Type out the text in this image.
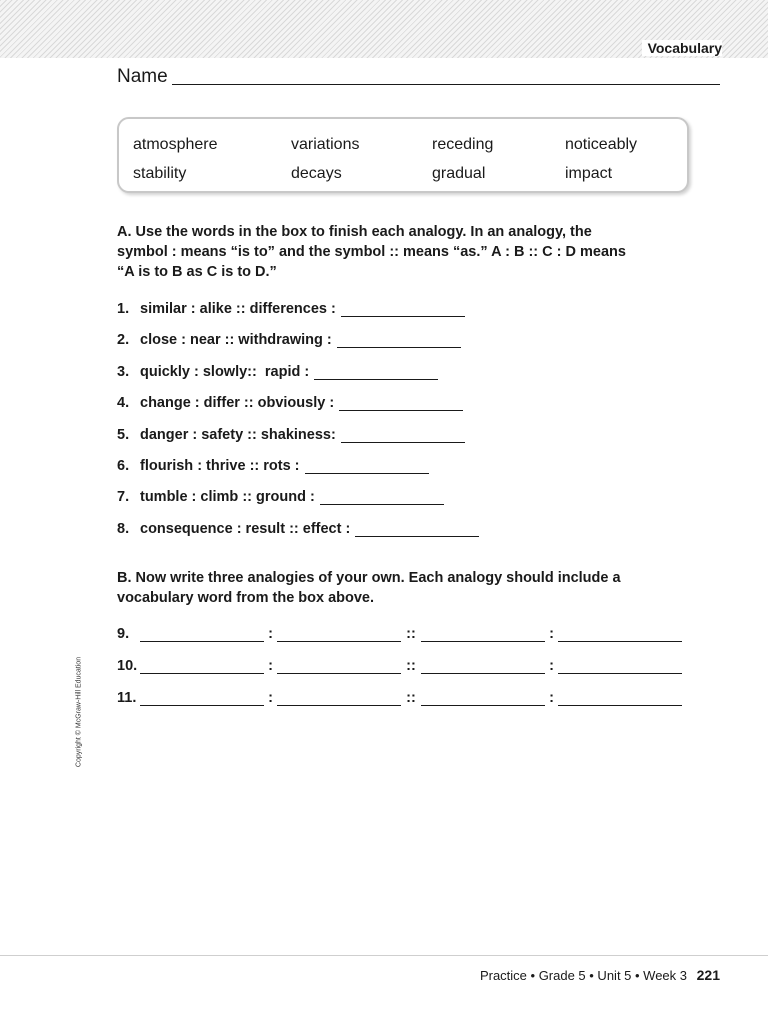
Vocabulary
Name
atmosphere	variations	receding	noticeably
stability	decays	gradual	impact
A. Use the words in the box to finish each analogy. In an analogy, the
symbol : means “is to” and the symbol :: means “as.” A : B :: C : D means
“A is to B as C is to D.”
1. similar : alike :: differences :
2. close : near :: withdrawing :
3. quickly : slowly::  rapid :
4. change : differ :: obviously :
5. danger : safety :: shakiness:
6. flourish : thrive :: rots :
7. tumble : climb :: ground :
8. consequence : result :: effect :
B. Now write three analogies of your own. Each analogy should include a
vocabulary word from the box above.
9.	:	::	:
10.	:	::	:
11.	:	::	:
Copyright © McGraw-Hill Education
Practice • Grade 5 • Unit 5 • Week 3 221
